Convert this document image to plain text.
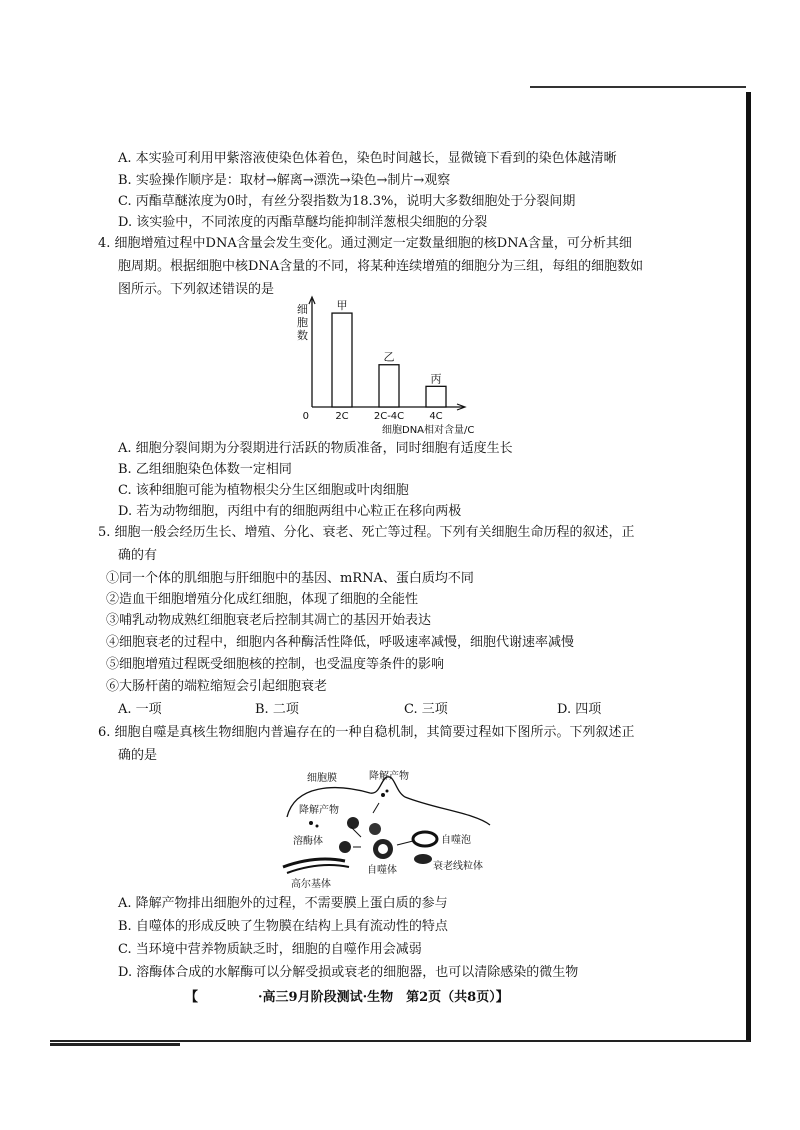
A. 本实验可利用甲紫溶液使染色体着色，染色时间越长，显微镜下看到的染色体越清晰
B. 实验操作顺序是：取材→解离→漂洗→染色→制片→观察
C. 丙酯草醚浓度为0时，有丝分裂指数为18.3%，说明大多数细胞处于分裂间期
D. 该实验中，不同浓度的丙酯草醚均能抑制洋葱根尖细胞的分裂
4. 细胞增殖过程中DNA含量会发生变化。通过测定一定数量细胞的核DNA含量，可分析其细
胞周期。根据细胞中核DNA含量的不同，将某种连续增殖的细胞分为三组，每组的细胞数如
图所示。下列叙述错误的是
细
胞
数
0
甲
2C
乙
2C-4C
丙
4C
细胞DNA相对含量/C
A. 细胞分裂间期为分裂期进行活跃的物质准备，同时细胞有适度生长
B. 乙组细胞染色体数一定相同
C. 该种细胞可能为植物根尖分生区细胞或叶肉细胞
D. 若为动物细胞，丙组中有的细胞两组中心粒正在移向两极
5. 细胞一般会经历生长、增殖、分化、衰老、死亡等过程。下列有关细胞生命历程的叙述，正
确的有
①同一个体的肌细胞与肝细胞中的基因、mRNA、蛋白质均不同
②造血干细胞增殖分化成红细胞，体现了细胞的全能性
③哺乳动物成熟红细胞衰老后控制其凋亡的基因开始表达
④细胞衰老的过程中，细胞内各种酶活性降低，呼吸速率减慢，细胞代谢速率减慢
⑤细胞增殖过程既受细胞核的控制，也受温度等条件的影响
⑥大肠杆菌的端粒缩短会引起细胞衰老
A. 一项	B. 二项	C. 三项	D. 四项
6. 细胞自噬是真核生物细胞内普遍存在的一种自稳机制，其简要过程如下图所示。下列叙述正
确的是
细胞膜	降解产物
降解产物
溶酶体
自噬体
自噬泡
衰老线粒体
高尔基体
A. 降解产物排出细胞外的过程，不需要膜上蛋白质的参与
B. 自噬体的形成反映了生物膜在结构上具有流动性的特点
C. 当环境中营养物质缺乏时，细胞的自噬作用会减弱
D. 溶酶体合成的水解酶可以分解受损或衰老的细胞器，也可以清除感染的微生物
【	·高三9月阶段测试·生物　第2页（共8页）】
